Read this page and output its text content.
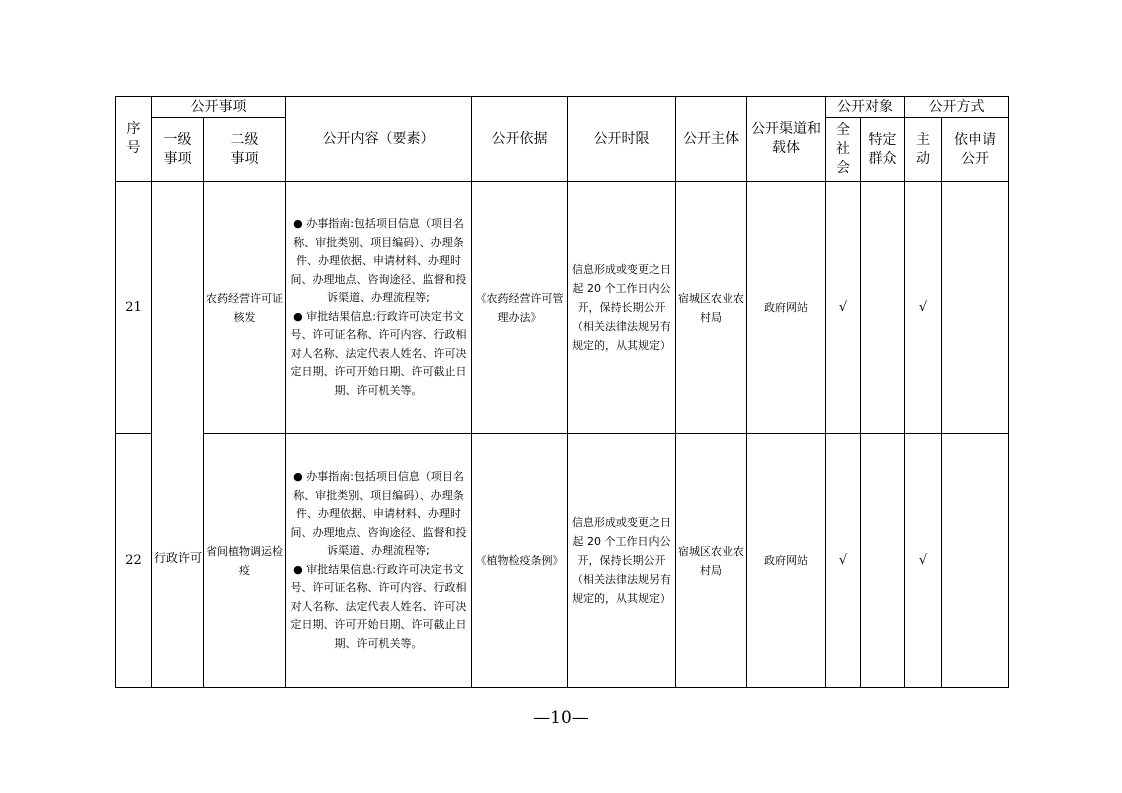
序号	公开事项		公开内容（要素）	公开依据	公开时限	公开主体	公开渠道和载体	公开对象		公开方式	

	一级事项	二级事项						全社会	特定群众	主动	依申请公开

21	行政许可	农药经营许可证核发	● 办事指南:包括项目信息（项目名称、审批类别、项目编码）、办理条件、办理依据、申请材料、办理时间、办理地点、咨询途径、监督和投诉渠道、办理流程等;
● 审批结果信息:行政许可决定书文号、许可证名称、许可内容、行政相对人名称、法定代表人姓名、许可决定日期、许可开始日期、许可截止日期、许可机关等。	《农药经营许可管理办法》	信息形成或变更之日起 20 个工作日内公开，保持长期公开（相关法律法规另有规定的，从其规定）	宿城区农业农村局	政府网站	√		√	
22		省间植物调运检疫	● 办事指南:包括项目信息（项目名称、审批类别、项目编码）、办理条件、办理依据、申请材料、办理时间、办理地点、咨询途径、监督和投诉渠道、办理流程等;
● 审批结果信息:行政许可决定书文号、许可证名称、许可内容、行政相对人名称、法定代表人姓名、许可决定日期、许可开始日期、许可截止日期、许可机关等。	《植物检疫条例》	信息形成或变更之日起 20 个工作日内公开，保持长期公开（相关法律法规另有规定的，从其规定）	宿城区农业农村局	政府网站	√		√	
—10—
